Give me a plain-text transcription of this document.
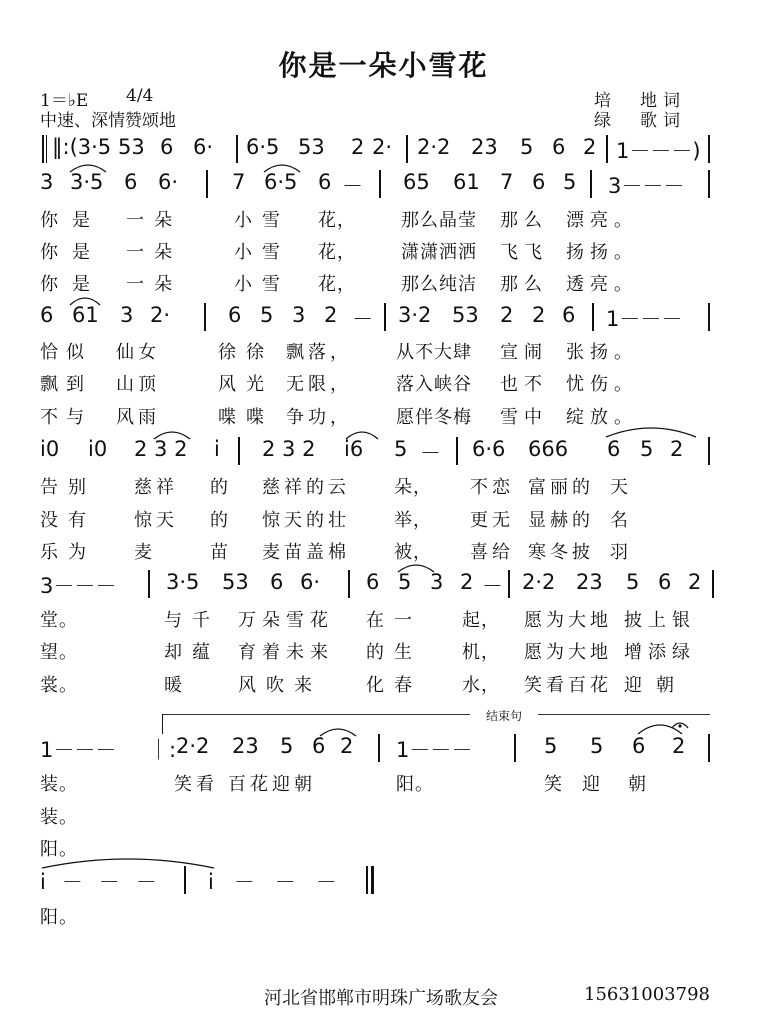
你是一朵小雪花
1＝♭E 4/4
中速、深情赞颂地
培　地词
绿　歌词
‖:(3·5 53 6 6· 6·5 53 2 2· 2·2 23 5 6 2 1－－－)
3 3·5 6 6·	7 6·5 6 － 65 61 7 6 5 3－－－
你 是 一朵	小雪 花，	那么晶莹 那么 漂亮。
你 是 一朵	小雪 花，	潇潇洒洒 飞飞 扬扬。
你 是 一朵	小雪 花，	那么纯洁 那么 透亮。
6 61 3 2·	6 5 3 2 － 3·2 53 2 2 6 1－－－
恰似 仙女	徐徐 飘落， 从不大肆 宣闹 张扬。
飘到 山顶	风光 无限， 落入峡谷 也不 忧伤。
不与 风雨	喋喋 争功， 愿伴冬梅 雪中 绽放。
i0 i0 2 3 2 i 2 3 2 i6 5 － 6·6 666 6 5 2
告别 慈祥 的 慈祥的云 朵， 不恋 富丽的 天
没有 惊天 的 惊天的壮 举， 更无 显赫的 名
乐为 麦	苗 麦苗盖棉 被， 喜给 寒冬披 羽
3－－－ 3·5 53 6 6· 6 5 3 2 － 2·2 23 5 6 2
堂。	与千 万朵雪花 在一 起， 愿为大地 披上银
望。	却蕴 育着未来 的生 机， 愿为大地 增添绿
裳。	暖	风吹来 化春 水， 笑看百花 迎朝
结束句
1－－－ ｜: 2·2 23 5 6 2 1－－－	5 5 6 2
装。	笑看 百花迎朝	阳。	笑 迎 朝
装。
阳。
i－－－ i－－－
阳。
河北省邯郸市明珠广场歌友会	15631003798
